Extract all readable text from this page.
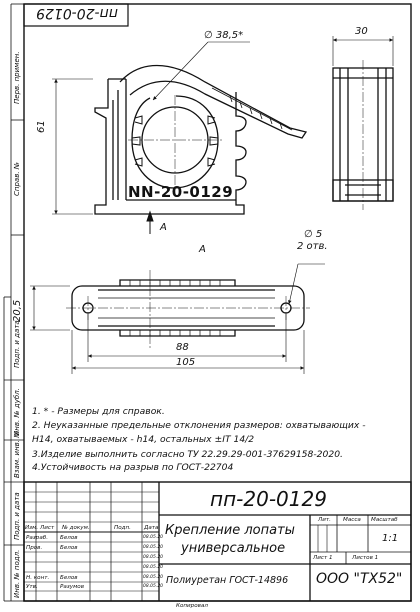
пп-20-0129
Перв. примен.
Справ. №
Подп. и дата
Инв. № дубл.
Взам. инв. №
Подп. и дата
Инв. № подл.
∅ 38,5*	30
61
∅ 5
2 отв.
20,5
88
105
NN-20-0129
A
A
1. * - Размеры для справок.
2. Неуказанные предельные отклонения размеров: охватывающих -
Н14, охватываемых - h14, остальных ±IT 14/2
3.Изделие выполнить согласно ТУ 22.29.29-001-37629158-2020.
4.Устойчивость на разрыв по ГОСТ-22704
пп-20-0129
Крепление лопаты
универсальное
Полиуретан ГОСТ-14896 ООО "ТХ52"
Лит. Масса Масштаб
1:1
Лист 1	Листов 1
Изм. Лист № докум.	Подп. Дата
Разраб. Белов	08.05.20
Пров.	Белов	08.05.20
08.05.20
08.05.20
Н. конт. Белов	08.05.20
Утв.	Разумов	08.05.20
Копировал
